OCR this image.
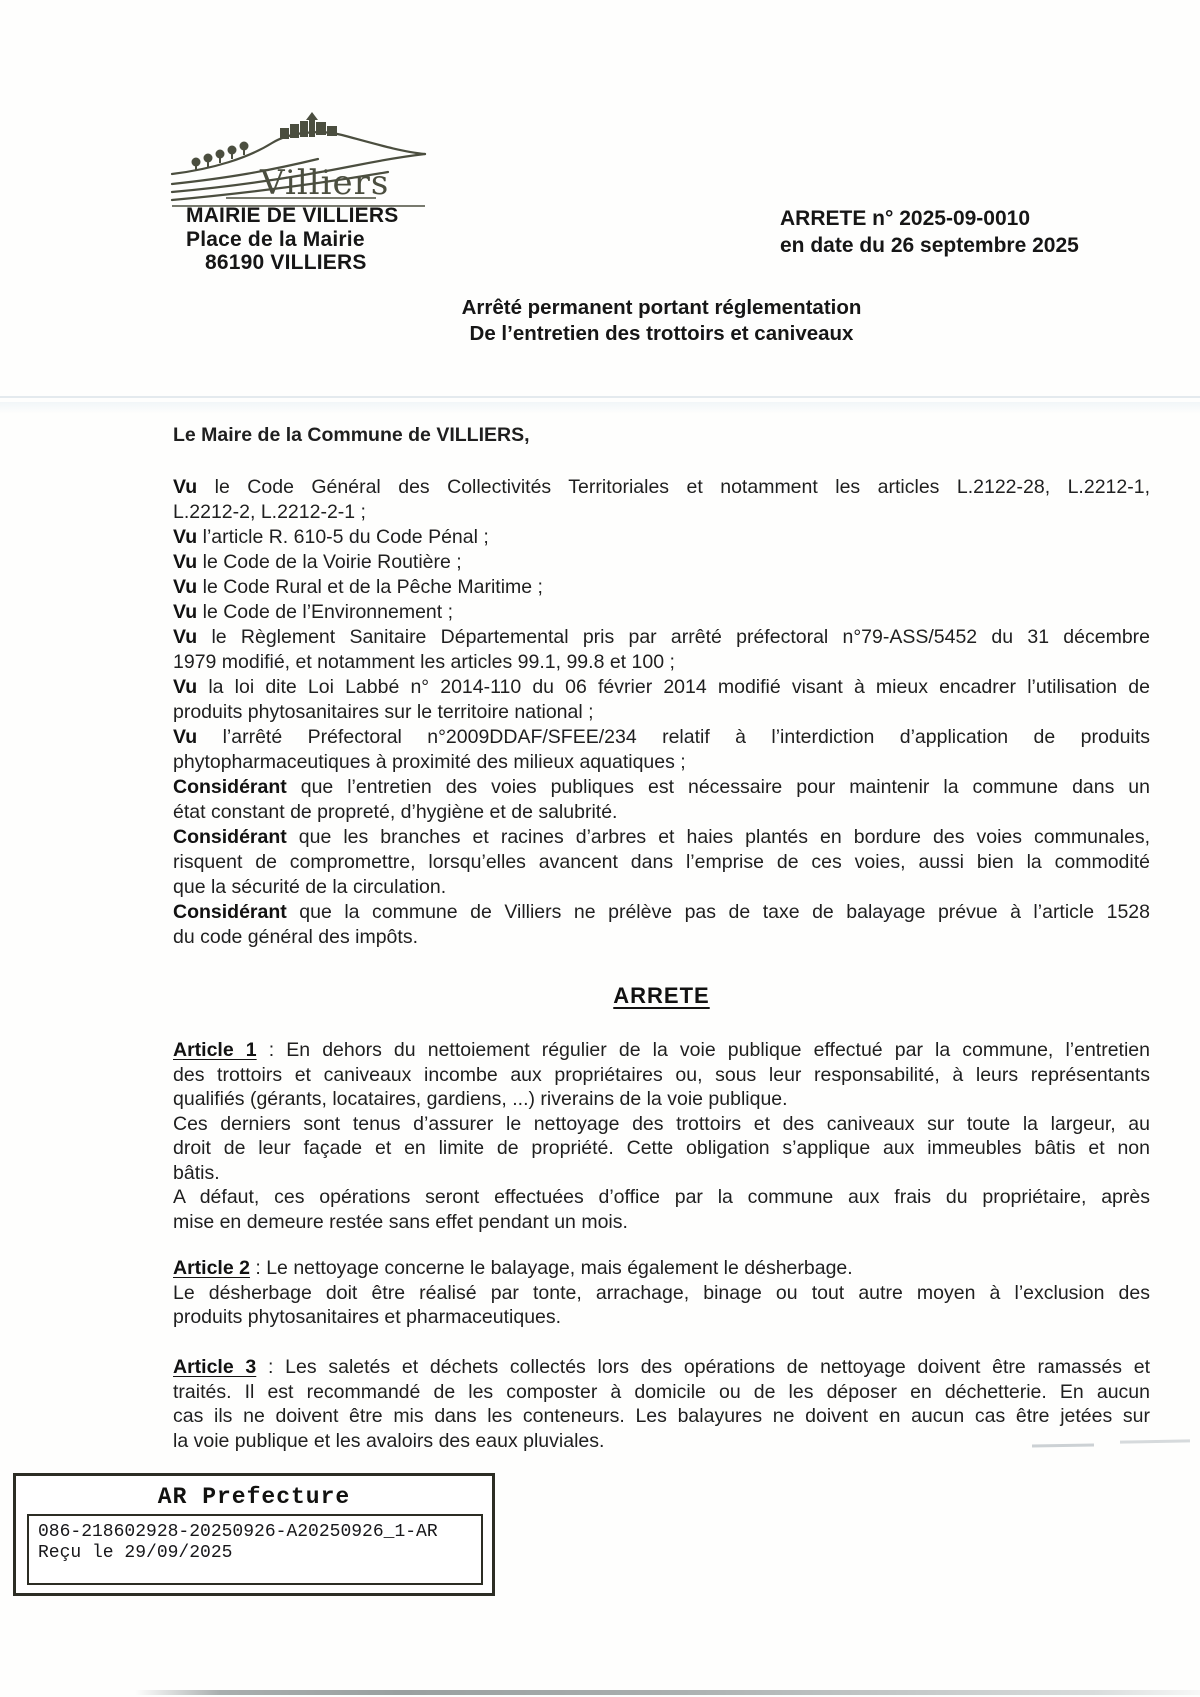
Villiers
MAIRIE DE VILLIERS
Place de la Mairie
86190 VILLIERS
ARRETE n° 2025-09-0010
en date du 26 septembre 2025
Arrêté permanent portant réglementation
De l’entretien des trottoirs et caniveaux
Le Maire de la Commune de VILLIERS,
Vu le Code Général des Collectivités Territoriales et notamment les articles L.2122-28, L.2212-1,
L.2212-2, L.2212-2-1 ;
Vu l’article R. 610-5 du Code Pénal ;
Vu le Code de la Voirie Routière ;
Vu le Code Rural et de la Pêche Maritime ;
Vu le Code de l’Environnement ;
Vu le Règlement Sanitaire Départemental pris par arrêté préfectoral n°79-ASS/5452 du 31 décembre
1979 modifié, et notamment les articles 99.1, 99.8 et 100 ;
Vu la loi dite Loi Labbé n° 2014-110 du 06 février 2014 modifié visant à mieux encadrer l’utilisation de
produits phytosanitaires sur le territoire national ;
Vu l’arrêté Préfectoral n°2009DDAF/SFEE/234 relatif à l’interdiction d’application de produits
phytopharmaceutiques à proximité des milieux aquatiques ;
Considérant que l’entretien des voies publiques est nécessaire pour maintenir la commune dans un
état constant de propreté, d’hygiène et de salubrité.
Considérant que les branches et racines d’arbres et haies plantés en bordure des voies communales,
risquent de compromettre, lorsqu’elles avancent dans l’emprise de ces voies, aussi bien la commodité
que la sécurité de la circulation.
Considérant que la commune de Villiers ne prélève pas de taxe de balayage prévue à l’article 1528
du code général des impôts.
ARRETE
Article 1 : En dehors du nettoiement régulier de la voie publique effectué par la commune, l’entretien
des trottoirs et caniveaux incombe aux propriétaires ou, sous leur responsabilité, à leurs représentants
qualifiés (gérants, locataires, gardiens, ...) riverains de la voie publique.
Ces derniers sont tenus d’assurer le nettoyage des trottoirs et des caniveaux sur toute la largeur, au
droit de leur façade et en limite de propriété. Cette obligation s’applique aux immeubles bâtis et non
bâtis.
A défaut, ces opérations seront effectuées d’office par la commune aux frais du propriétaire, après
mise en demeure restée sans effet pendant un mois.
Article 2 : Le nettoyage concerne le balayage, mais également le désherbage.
Le désherbage doit être réalisé par tonte, arrachage, binage ou tout autre moyen à l’exclusion des
produits phytosanitaires et pharmaceutiques.
Article 3 : Les saletés et déchets collectés lors des opérations de nettoyage doivent être ramassés et
traités. Il est recommandé de les composter à domicile ou de les déposer en déchetterie. En aucun
cas ils ne doivent être mis dans les conteneurs. Les balayures ne doivent en aucun cas être jetées sur
la voie publique et les avaloirs des eaux pluviales.
AR Prefecture
086-218602928-20250926-A20250926_1-AR
Reçu le 29/09/2025
